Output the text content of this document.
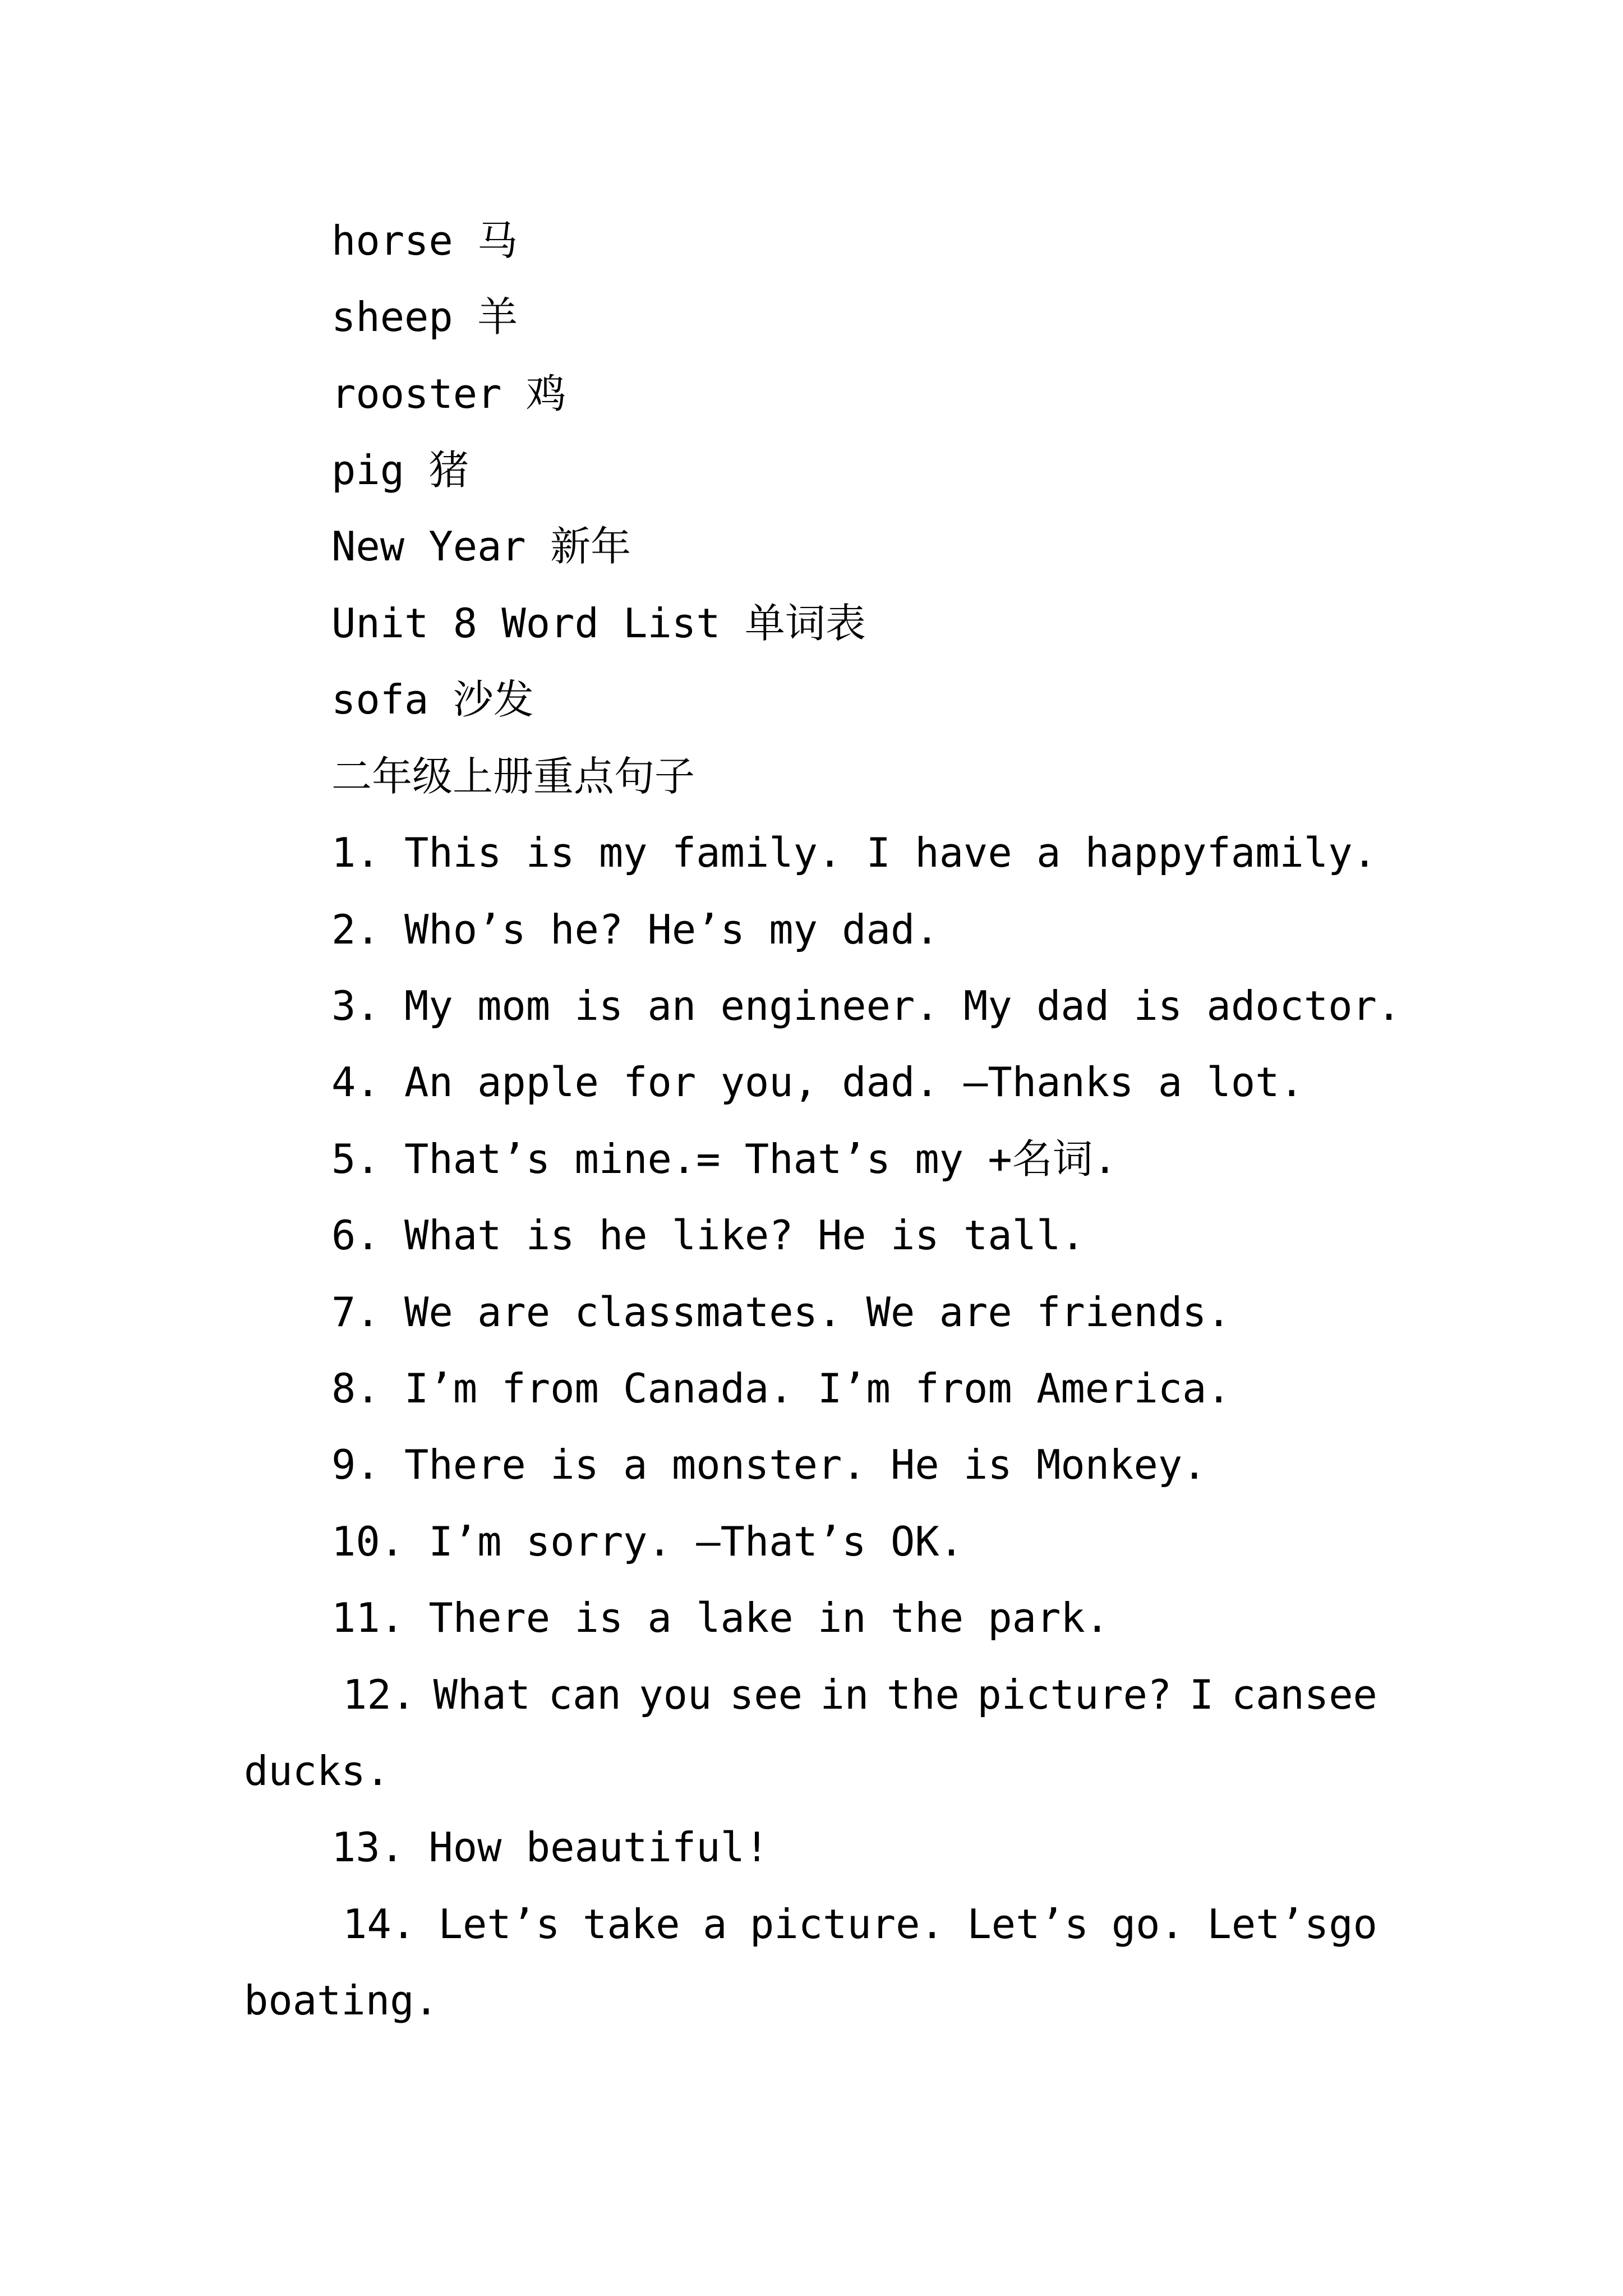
horse 马
sheep 羊
rooster 鸡
pig 猪
New Year 新年
Unit 8 Word List 单词表
sofa 沙发
二年级上册重点句子
1. This is my family. I have a happyfamily.
2. Who’s he? He’s my dad.
3. My mom is an engineer. My dad is adoctor.
4. An apple for you, dad. –Thanks a lot.
5. That’s mine.= That’s my +名词.
6. What is he like? He is tall.
7. We are classmates. We are friends.
8. I’m from Canada. I’m from America.
9. There is a monster. He is Monkey.
10. I’m sorry. –That’s OK.
11. There is a lake in the park.
12. What can you see in the picture? I cansee
ducks.
13. How beautiful!
14. Let’s take a picture. Let’s go. Let’sgo
boating.
